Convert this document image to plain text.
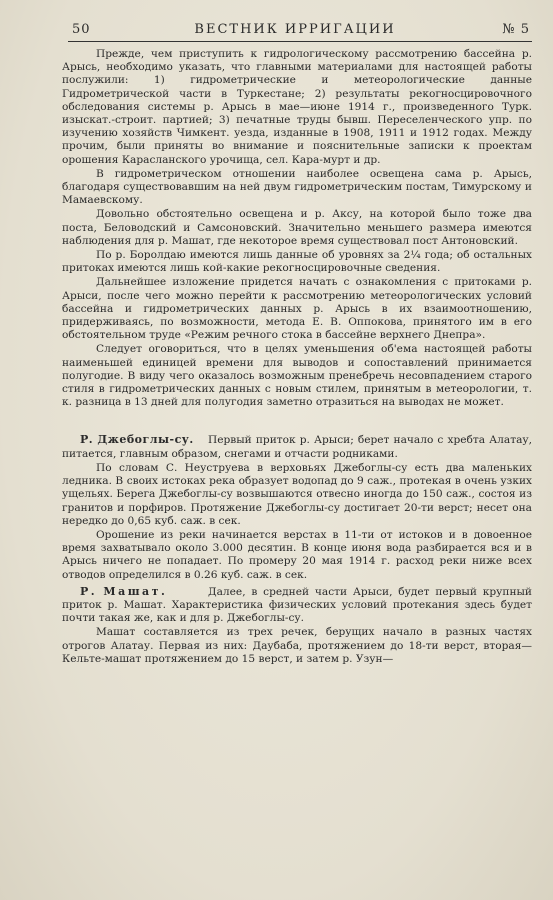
50	ВЕСТНИК ИРРИГАЦИИ	№ 5

Прежде, чем приступить к гидрологическому рассмотрению бассейна р. Арысь, необходимо указать, что главными материалами для настоящей работы послужили: 1) гидрометрические и метеорологические данные Гидрометрической части в Туркестане; 2) результаты рекогносцировочного обследования системы р. Арысь в мае—июне 1914 г., произведенного Турк. изыскат.-строит. партией; 3) печатные труды бывш. Переселенческого упр. по изучению хозяйств Чимкент. уезда, изданные в 1908, 1911 и 1912 годах. Между прочим, были приняты во внимание и пояснительные записки к проектам орошения Карасланского урочища, сел. Кара-мурт и др.

В гидрометрическом отношении наиболее освещена сама р. Арысь, благодаря существовавшим на ней двум гидрометрическим постам, Тимурскому и Мамаевскому.

Довольно обстоятельно освещена и р. Аксу, на которой было тоже два поста, Беловодский и Самсоновский. Значительно меньшего размера имеются наблюдения для р. Машат, где некоторое время существовал пост Антоновский.

По р. Боролдаю имеются лишь данные об уровнях за 2¼ года; об остальных притоках имеются лишь кой-какие рекогносцировочные сведения.

Дальнейшее изложение придется начать с ознакомления с притоками р. Арыси, после чего можно перейти к рассмотрению метеорологических условий бассейна и гидрометрических данных р. Арысь в их взаимоотношению, придерживаясь, по возможности, метода Е. В. Оппокова, принятого им в его обстоятельном труде «Режим речного стока в бассейне верхнего Днепра».

Следует оговориться, что в целях уменьшения об'ема настоящей работы наименьшей единицей времени для выводов и сопоставлений принимается полугодие. В виду чего оказалось возможным пренебречь несовпадением старого стиля в гидрометрических данных с новым стилем, принятым в метеорологии, т. к. разница в 13 дней для полугодия заметно отразиться на выводах не может.

Р. Джебоглы-су. Первый приток р. Арыси; берет начало с хребта Алатау, питается, главным образом, снегами и отчасти родниками.

По словам С. Неуструева в верховьях Джебоглы-су есть два маленьких ледника. В своих истоках река образует водопад до 9 саж., протекая в очень узких ущельях. Берега Джебоглы-су возвышаются отвесно иногда до 150 саж., состоя из гранитов и порфиров. Протяжение Джебоглы-су достигает 20-ти верст; несет она нередко до 0,65 куб. саж. в сек.

Орошение из реки начинается верстах в 11-ти от истоков и в довоенное время захватывало около 3.000 десятин. В конце июня вода разбирается вся и в Арысь ничего не попадает. По промеру 20 мая 1914 г. расход реки ниже всех отводов определился в 0.26 куб. саж. в сек.

Р. Машат.	Далее, в средней части Арыси, будет первый крупный приток р. Машат. Характеристика физических условий протекания здесь будет почти такая же, как и для р. Джебоглы-су.

Машат составляется из трех речек, берущих начало в разных частях отрогов Алатау. Первая из них: Даубаба, протяжением до 18-ти верст, вторая—Кельте-машат протяжением до 15 верст, и затем р. Узун—
